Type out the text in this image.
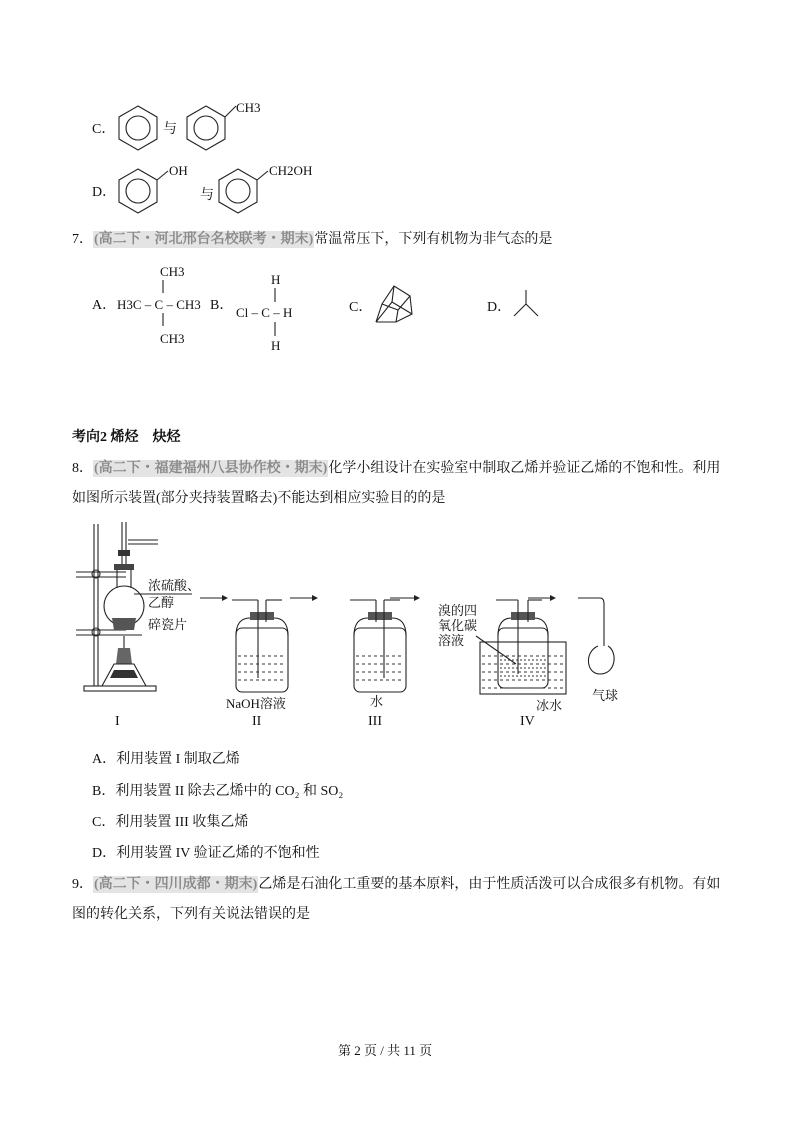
C．	与
CH3
D．
OH
与
CH2OH
7．(高二下・河北邢台名校联考・期末)常温常压下，下列有机物为非气态的是
A．
CH3
H3C – C – CH3
CH3
B．
H
Cl – C – H
H
C．	D．
考向2 烯烃　炔烃
8．(高二下・福建福州八县协作校・期末)化学小组设计在实验室中制取乙烯并验证乙烯的不饱和性。利用
如图所示装置(部分夹持装置略去)不能达到相应实验目的的是
I
浓硫酸、
乙醇
碎瓷片
NaOH溶液
II
水
III
溴的四
氧化碳
溶液
冰水
IV
气球
A．利用装置 I 制取乙烯
B．利用装置 II 除去乙烯中的 CO₂ 和 SO₂
C．利用装置 III 收集乙烯
D．利用装置 IV 验证乙烯的不饱和性
9．(高二下・四川成都・期末)乙烯是石油化工重要的基本原料，由于性质活泼可以合成很多有机物。有如
图的转化关系，下列有关说法错误的是
第 2 页 / 共 11 页
